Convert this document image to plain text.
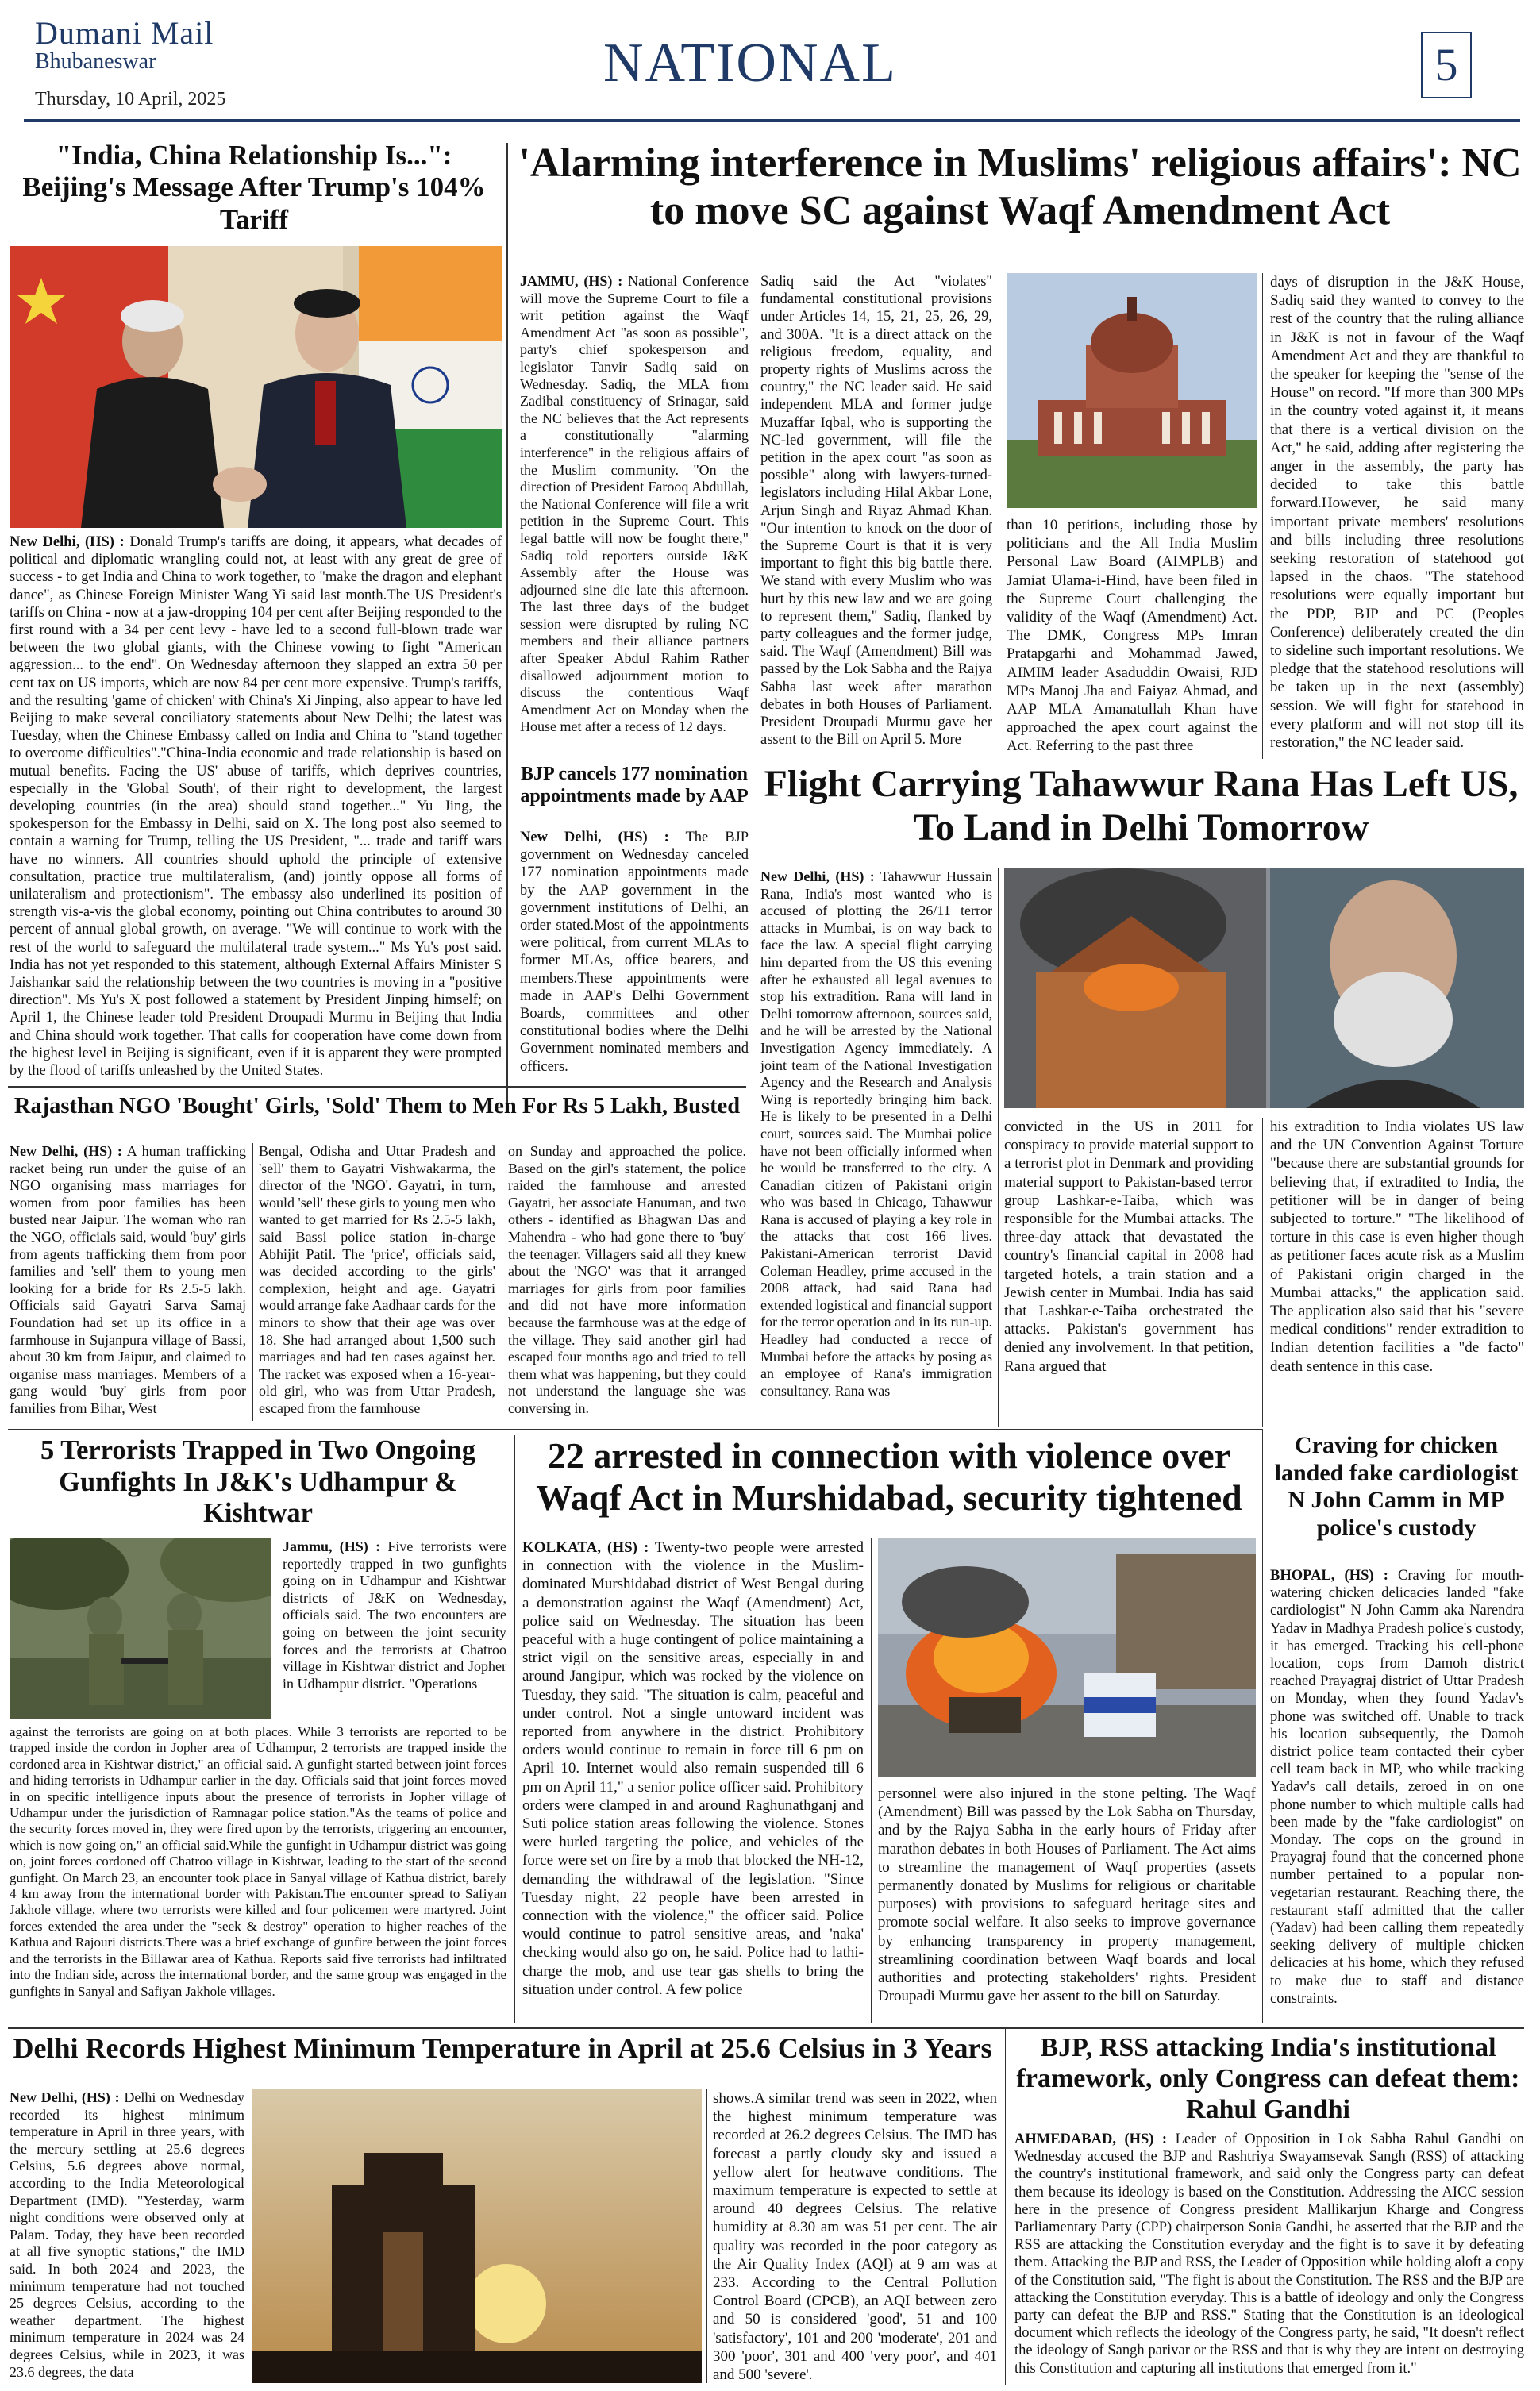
Dumani Mail
Bhubaneswar
Thursday, 10 April, 2025
NATIONAL	5
"India, China Relationship Is...": Beijing's Message After Trump's 104% Tariff
New Delhi, (HS) : Donald Trump's tariffs are doing, it appears, what decades of political and diplomatic wrangling could not, at least with any great de gree of success - to get India and China to work together, to "make the dragon and elephant dance", as Chinese Foreign Minister Wang Yi said last month.The US President's tariffs on China - now at a jaw-dropping 104 per cent after Beijing responded to the first round with a 34 per cent levy - have led to a second full-blown trade war between the two global giants, with the Chinese vowing to fight "American aggression... to the end". On Wednesday afternoon they slapped an extra 50 per cent tax on US imports, which are now 84 per cent more expensive. Trump's tariffs, and the resulting 'game of chicken' with China's Xi Jinping, also appear to have led Beijing to make several conciliatory statements about New Delhi; the latest was Tuesday, when the Chinese Embassy called on India and China to "stand together to overcome difficulties"."China-India economic and trade relationship is based on mutual benefits. Facing the US' abuse of tariffs, which deprives countries, especially in the 'Global South', of their right to development, the largest developing countries (in the area) should stand together..." Yu Jing, the spokesperson for the Embassy in Delhi, said on X. The long post also seemed to contain a warning for Trump, telling the US President, "... trade and tariff wars have no winners. All countries should uphold the principle of extensive consultation, practice true multilateralism, (and) jointly oppose all forms of unilateralism and protectionism". The embassy also underlined its position of strength vis-a-vis the global economy, pointing out China contributes to around 30 percent of annual global growth, on average. "We will continue to work with the rest of the world to safeguard the multilateral trade system..." Ms Yu's post said. India has not yet responded to this statement, although External Affairs Minister S Jaishankar said the relationship between the two countries is moving in a "positive direction". Ms Yu's X post followed a statement by President Jinping himself; on April 1, the Chinese leader told President Droupadi Murmu in Beijing that India and China should work together. That calls for cooperation have come down from the highest level in Beijing is significant, even if it is apparent they were prompted by the flood of tariffs unleashed by the United States.
'Alarming interference in Muslims' religious affairs': NC to move SC against Waqf Amendment Act
JAMMU, (HS) : National Conference will move the Supreme Court to file a writ petition against the Waqf Amendment Act "as soon as possible", party's chief spokesperson and legislator Tanvir Sadiq said on Wednesday. Sadiq, the MLA from Zadibal constituency of Srinagar, said the NC believes that the Act represents a constitutionally "alarming interference" in the religious affairs of the Muslim community. "On the direction of President Farooq Abdullah, the National Conference will file a writ petition in the Supreme Court. This legal battle will now be fought there," Sadiq told reporters outside J&K Assembly after the House was adjourned sine die late this afternoon. The last three days of the budget session were disrupted by ruling NC members and their alliance partners after Speaker Abdul Rahim Rather disallowed adjournment motion to discuss the contentious Waqf Amendment Act on Monday when the House met after a recess of 12 days.
Sadiq said the Act "violates" fundamental constitutional provisions under Articles 14, 15, 21, 25, 26, 29, and 300A. "It is a direct attack on the religious freedom, equality, and property rights of Muslims across the country," the NC leader said. He said independent MLA and former judge Muzaffar Iqbal, who is supporting the NC-led government, will file the petition in the apex court "as soon as possible" along with lawyers-turned-legislators including Hilal Akbar Lone, Arjun Singh and Riyaz Ahmad Khan. "Our intention to knock on the door of the Supreme Court is that it is very important to fight this big battle there. We stand with every Muslim who was hurt by this new law and we are going to represent them," Sadiq, flanked by party colleagues and the former judge, said. The Waqf (Amendment) Bill was passed by the Lok Sabha and the Rajya Sabha last week after marathon debates in both Houses of Parliament. President Droupadi Murmu gave her assent to the Bill on April 5. More
than 10 petitions, including those by politicians and the All India Muslim Personal Law Board (AIMPLB) and Jamiat Ulama-i-Hind, have been filed in the Supreme Court challenging the validity of the Waqf (Amendment) Act. The DMK, Congress MPs Imran Pratapgarhi and Mohammad Jawed, AIMIM leader Asaduddin Owaisi, RJD MPs Manoj Jha and Faiyaz Ahmad, and AAP MLA Amanatullah Khan have approached the apex court against the Act. Referring to the past three
days of disruption in the J&K House, Sadiq said they wanted to convey to the rest of the country that the ruling alliance in J&K is not in favour of the Waqf Amendment Act and they are thankful to the speaker for keeping the "sense of the House" on record. "If more than 300 MPs in the country voted against it, it means that there is a vertical division on the Act," he said, adding after registering the anger in the assembly, the party has decided to take this battle forward.However, he said many important private members' resolutions and bills including three resolutions seeking restoration of statehood got lapsed in the chaos. "The statehood resolutions were equally important but the PDP, BJP and PC (Peoples Conference) deliberately created the din to sideline such important resolutions. We pledge that the statehood resolutions will be taken up in the next (assembly) session. We will fight for statehood in every platform and will not stop till its restoration," the NC leader said.
BJP cancels 177 nomination appointments made by AAP
New Delhi, (HS) : The BJP government on Wednesday canceled 177 nomination appointments made by the AAP government in the government institutions of Delhi, an order stated.Most of the appointments were political, from current MLAs to former MLAs, office bearers, and members.These appointments were made in AAP's Delhi Government Boards, committees and other constitutional bodies where the Delhi Government nominated members and officers.
Flight Carrying Tahawwur Rana Has Left US, To Land in Delhi Tomorrow
New Delhi, (HS) : Tahawwur Hussain Rana, India's most wanted who is accused of plotting the 26/11 terror attacks in Mumbai, is on way back to face the law. A special flight carrying him departed from the US this evening after he exhausted all legal avenues to stop his extradition. Rana will land in Delhi tomorrow afternoon, sources said, and he will be arrested by the National Investigation Agency immediately. A joint team of the National Investigation Agency and the Research and Analysis Wing is reportedly bringing him back. He is likely to be presented in a Delhi court, sources said. The Mumbai police have not been officially informed when he would be transferred to the city. A Canadian citizen of Pakistani origin who was based in Chicago, Tahawwur Rana is accused of playing a key role in the attacks that cost 166 lives. Pakistani-American terrorist David Coleman Headley, prime accused in the 2008 attack, had said Rana had extended logistical and financial support for the terror operation and in its run-up. Headley had conducted a recce of Mumbai before the attacks by posing as an employee of Rana's immigration consultancy. Rana was
convicted in the US in 2011 for conspiracy to provide material support to a terrorist plot in Denmark and providing material support to Pakistan-based terror group Lashkar-e-Taiba, which was responsible for the Mumbai attacks. The three-day attack that devastated the country's financial capital in 2008 had targeted hotels, a train station and a Jewish center in Mumbai. India has said that Lashkar-e-Taiba orchestrated the attacks. Pakistan's government has denied any involvement. In that petition, Rana argued that
his extradition to India violates US law and the UN Convention Against Torture "because there are substantial grounds for believing that, if extradited to India, the petitioner will be in danger of being subjected to torture." "The likelihood of torture in this case is even higher though as petitioner faces acute risk as a Muslim of Pakistani origin charged in the Mumbai attacks," the application said. The application also said that his "severe medical conditions" render extradition to Indian detention facilities a "de facto" death sentence in this case.
Rajasthan NGO 'Bought' Girls, 'Sold' Them to Men For Rs 5 Lakh, Busted
New Delhi, (HS) : A human trafficking racket being run under the guise of an NGO organising mass marriages for women from poor families has been busted near Jaipur. The woman who ran the NGO, officials said, would 'buy' girls from agents trafficking them from poor families and 'sell' them to young men looking for a bride for Rs 2.5-5 lakh. Officials said Gayatri Sarva Samaj Foundation had set up its office in a farmhouse in Sujanpura village of Bassi, about 30 km from Jaipur, and claimed to organise mass marriages. Members of a gang would 'buy' girls from poor families from Bihar, West
Bengal, Odisha and Uttar Pradesh and 'sell' them to Gayatri Vishwakarma, the director of the 'NGO'. Gayatri, in turn, would 'sell' these girls to young men who wanted to get married for Rs 2.5-5 lakh, said Bassi police station in-charge Abhijit Patil. The 'price', officials said, was decided according to the girls' complexion, height and age. Gayatri would arrange fake Aadhaar cards for the minors to show that their age was over 18. She had arranged about 1,500 such marriages and had ten cases against her. The racket was exposed when a 16-year-old girl, who was from Uttar Pradesh, escaped from the farmhouse
on Sunday and approached the police. Based on the girl's statement, the police raided the farmhouse and arrested Gayatri, her associate Hanuman, and two others - identified as Bhagwan Das and Mahendra - who had gone there to 'buy' the teenager. Villagers said all they knew about the 'NGO' was that it arranged marriages for girls from poor families and did not have more information because the farmhouse was at the edge of the village. They said another girl had escaped four months ago and tried to tell them what was happening, but they could not understand the language she was conversing in.
5 Terrorists Trapped in Two Ongoing Gunfights In J&K's Udhampur & Kishtwar
Jammu, (HS) : Five terrorists were reportedly trapped in two gunfights going on in Udhampur and Kishtwar districts of J&K on Wednesday, officials said. The two encounters are going on between the joint security forces and the terrorists at Chatroo village in Kishtwar district and Jopher in Udhampur district. "Operations
against the terrorists are going on at both places. While 3 terrorists are reported to be trapped inside the cordon in Jopher area of Udhampur, 2 terrorists are trapped inside the cordoned area in Kishtwar district," an official said. A gunfight started between joint forces and hiding terrorists in Udhampur earlier in the day. Officials said that joint forces moved in on specific intelligence inputs about the presence of terrorists in Jopher village of Udhampur under the jurisdiction of Ramnagar police station."As the teams of police and the security forces moved in, they were fired upon by the terrorists, triggering an encounter, which is now going on," an official said.While the gunfight in Udhampur district was going on, joint forces cordoned off Chatroo village in Kishtwar, leading to the start of the second gunfight. On March 23, an encounter took place in Sanyal village of Kathua district, barely 4 km away from the international border with Pakistan.The encounter spread to Safiyan Jakhole village, where two terrorists were killed and four policemen were martyred. Joint forces extended the area under the "seek & destroy" operation to higher reaches of the Kathua and Rajouri districts.There was a brief exchange of gunfire between the joint forces and the terrorists in the Billawar area of Kathua. Reports said five terrorists had infiltrated into the Indian side, across the international border, and the same group was engaged in the gunfights in Sanyal and Safiyan Jakhole villages.
22 arrested in connection with violence over Waqf Act in Murshidabad, security tightened
KOLKATA, (HS) : Twenty-two people were arrested in connection with the violence in the Muslim-dominated Murshidabad district of West Bengal during a demonstration against the Waqf (Amendment) Act, police said on Wednesday. The situation has been peaceful with a huge contingent of police maintaining a strict vigil on the sensitive areas, especially in and around Jangipur, which was rocked by the violence on Tuesday, they said. "The situation is calm, peaceful and under control. Not a single untoward incident was reported from anywhere in the district. Prohibitory orders would continue to remain in force till 6 pm on April 10. Internet would also remain suspended till 6 pm on April 11," a senior police officer said. Prohibitory orders were clamped in and around Raghunathganj and Suti police station areas following the violence. Stones were hurled targeting the police, and vehicles of the force were set on fire by a mob that blocked the NH-12, demanding the withdrawal of the legislation. "Since Tuesday night, 22 people have been arrested in connection with the violence," the officer said. Police would continue to patrol sensitive areas, and 'naka' checking would also go on, he said. Police had to lathi-charge the mob, and use tear gas shells to bring the situation under control. A few police
personnel were also injured in the stone pelting. The Waqf (Amendment) Bill was passed by the Lok Sabha on Thursday, and by the Rajya Sabha in the early hours of Friday after marathon debates in both Houses of Parliament. The Act aims to streamline the management of Waqf properties (assets permanently donated by Muslims for religious or charitable purposes) with provisions to safeguard heritage sites and promote social welfare. It also seeks to improve governance by enhancing transparency in property management, streamlining coordination between Waqf boards and local authorities and protecting stakeholders' rights. President Droupadi Murmu gave her assent to the bill on Saturday.
Craving for chicken landed fake cardiologist N John Camm in MP police's custody
BHOPAL, (HS) : Craving for mouth-watering chicken delicacies landed "fake cardiologist" N John Camm aka Narendra Yadav in Madhya Pradesh police's custody, it has emerged. Tracking his cell-phone location, cops from Damoh district reached Prayagraj district of Uttar Pradesh on Monday, when they found Yadav's phone was switched off. Unable to track his location subsequently, the Damoh district police team contacted their cyber cell team back in MP, who while tracking Yadav's call details, zeroed in on one phone number to which multiple calls had been made by the "fake cardiologist" on Monday. The cops on the ground in Prayagraj found that the concerned phone number pertained to a popular non-vegetarian restaurant. Reaching there, the restaurant staff admitted that the caller (Yadav) had been calling them repeatedly seeking delivery of multiple chicken delicacies at his home, which they refused to make due to staff and distance constraints.
Delhi Records Highest Minimum Temperature in April at 25.6 Celsius in 3 Years
New Delhi, (HS) : Delhi on Wednesday recorded its highest minimum temperature in April in three years, with the mercury settling at 25.6 degrees Celsius, 5.6 degrees above normal, according to the India Meteorological Department (IMD). "Yesterday, warm night conditions were observed only at Palam. Today, they have been recorded at all five synoptic stations," the IMD said. In both 2024 and 2023, the minimum temperature had not touched 25 degrees Celsius, according to the weather department. The highest minimum temperature in 2024 was 24 degrees Celsius, while in 2023, it was 23.6 degrees, the data
shows.A similar trend was seen in 2022, when the highest minimum temperature was recorded at 26.2 degrees Celsius. The IMD has forecast a partly cloudy sky and issued a yellow alert for heatwave conditions. The maximum temperature is expected to settle at around 40 degrees Celsius. The relative humidity at 8.30 am was 51 per cent. The air quality was recorded in the poor category as the Air Quality Index (AQI) at 9 am was at 233. According to the Central Pollution Control Board (CPCB), an AQI between zero and 50 is considered 'good', 51 and 100 'satisfactory', 101 and 200 'moderate', 201 and 300 'poor', 301 and 400 'very poor', and 401 and 500 'severe'.
BJP, RSS attacking India's institutional framework, only Congress can defeat them: Rahul Gandhi
AHMEDABAD, (HS) : Leader of Opposition in Lok Sabha Rahul Gandhi on Wednesday accused the BJP and Rashtriya Swayamsevak Sangh (RSS) of attacking the country's institutional framework, and said only the Congress party can defeat them because its ideology is based on the Constitution. Addressing the AICC session here in the presence of Congress president Mallikarjun Kharge and Congress Parliamentary Party (CPP) chairperson Sonia Gandhi, he asserted that the BJP and the RSS are attacking the Constitution everyday and the fight is to save it by defeating them. Attacking the BJP and RSS, the Leader of Opposition while holding aloft a copy of the Constitution said, "The fight is about the Constitution. The RSS and the BJP are attacking the Constitution everyday. This is a battle of ideology and only the Congress party can defeat the BJP and RSS." Stating that the Constitution is an ideological document which reflects the ideology of the Congress party, he said, "It doesn't reflect the ideology of Sangh parivar or the RSS and that is why they are intent on destroying this Constitution and capturing all institutions that emerged from it."
